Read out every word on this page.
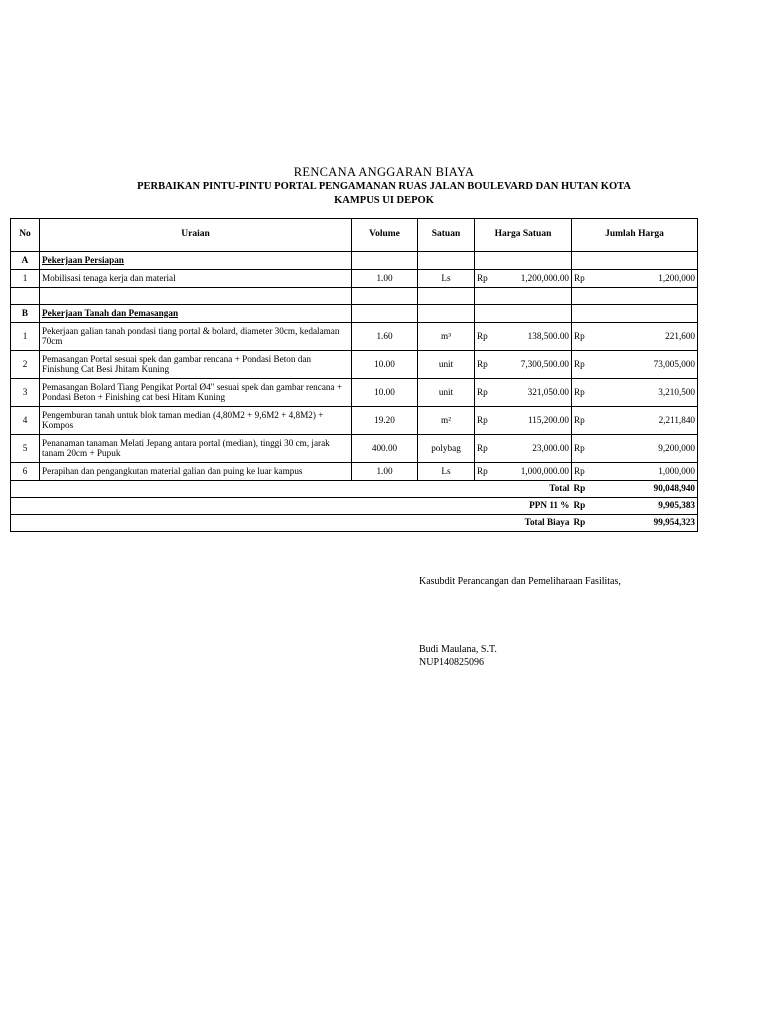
RENCANA ANGGARAN BIAYA
PERBAIKAN PINTU-PINTU PORTAL PENGAMANAN RUAS JALAN BOULEVARD DAN HUTAN KOTA
KAMPUS UI DEPOK
No	Uraian	Volume	Satuan	Harga Satuan		Jumlah Harga	
A	Pekerjaan Persiapan						
1	Mobilisasi tenaga kerja dan material	1.00	Ls	Rp	1,200,000.00	Rp	1,200,000

B	Pekerjaan Tanah dan Pemasangan						
1	Pekerjaan galian tanah pondasi tiang portal & bolard, diameter 30cm, kedalaman 70cm	1.60	m³	Rp	138,500.00	Rp	221,600
2	Pemasangan Portal sesuai spek dan gambar rencana + Pondasi Beton dan Finishung Cat Besi Jhitam Kuning	10.00	unit	Rp	7,300,500.00	Rp	73,005,000
3	Pemasangan Bolard Tiang Pengikat Portal Ø4" sesuai spek dan gambar rencana + Pondasi Beton + Finishing cat besi Hitam Kuning	10.00	unit	Rp	321,050.00	Rp	3,210,500
4	Pengemburan tanah untuk blok taman median (4,80M2 + 9,6M2 + 4,8M2) + Kompos	19.20	m²	Rp	115,200.00	Rp	2,211,840
5	Penanaman tanaman Melati Jepang antara portal (median), tinggi 30 cm, jarak tanam 20cm + Pupuk	400.00	polybag	Rp	23,000.00	Rp	9,200,000
6	Perapihan dan pengangkutan material galian dan puing ke luar kampus	1.00	Ls	Rp	1,000,000.00	Rp	1,000,000
Total						Rp	90,048,940
PPN 11 %						Rp	9,905,383
Total Biaya						Rp	99,954,323
Kasubdit Perancangan dan Pemeliharaan Fasilitas,
Budi Maulana, S.T.
NUP140825096
